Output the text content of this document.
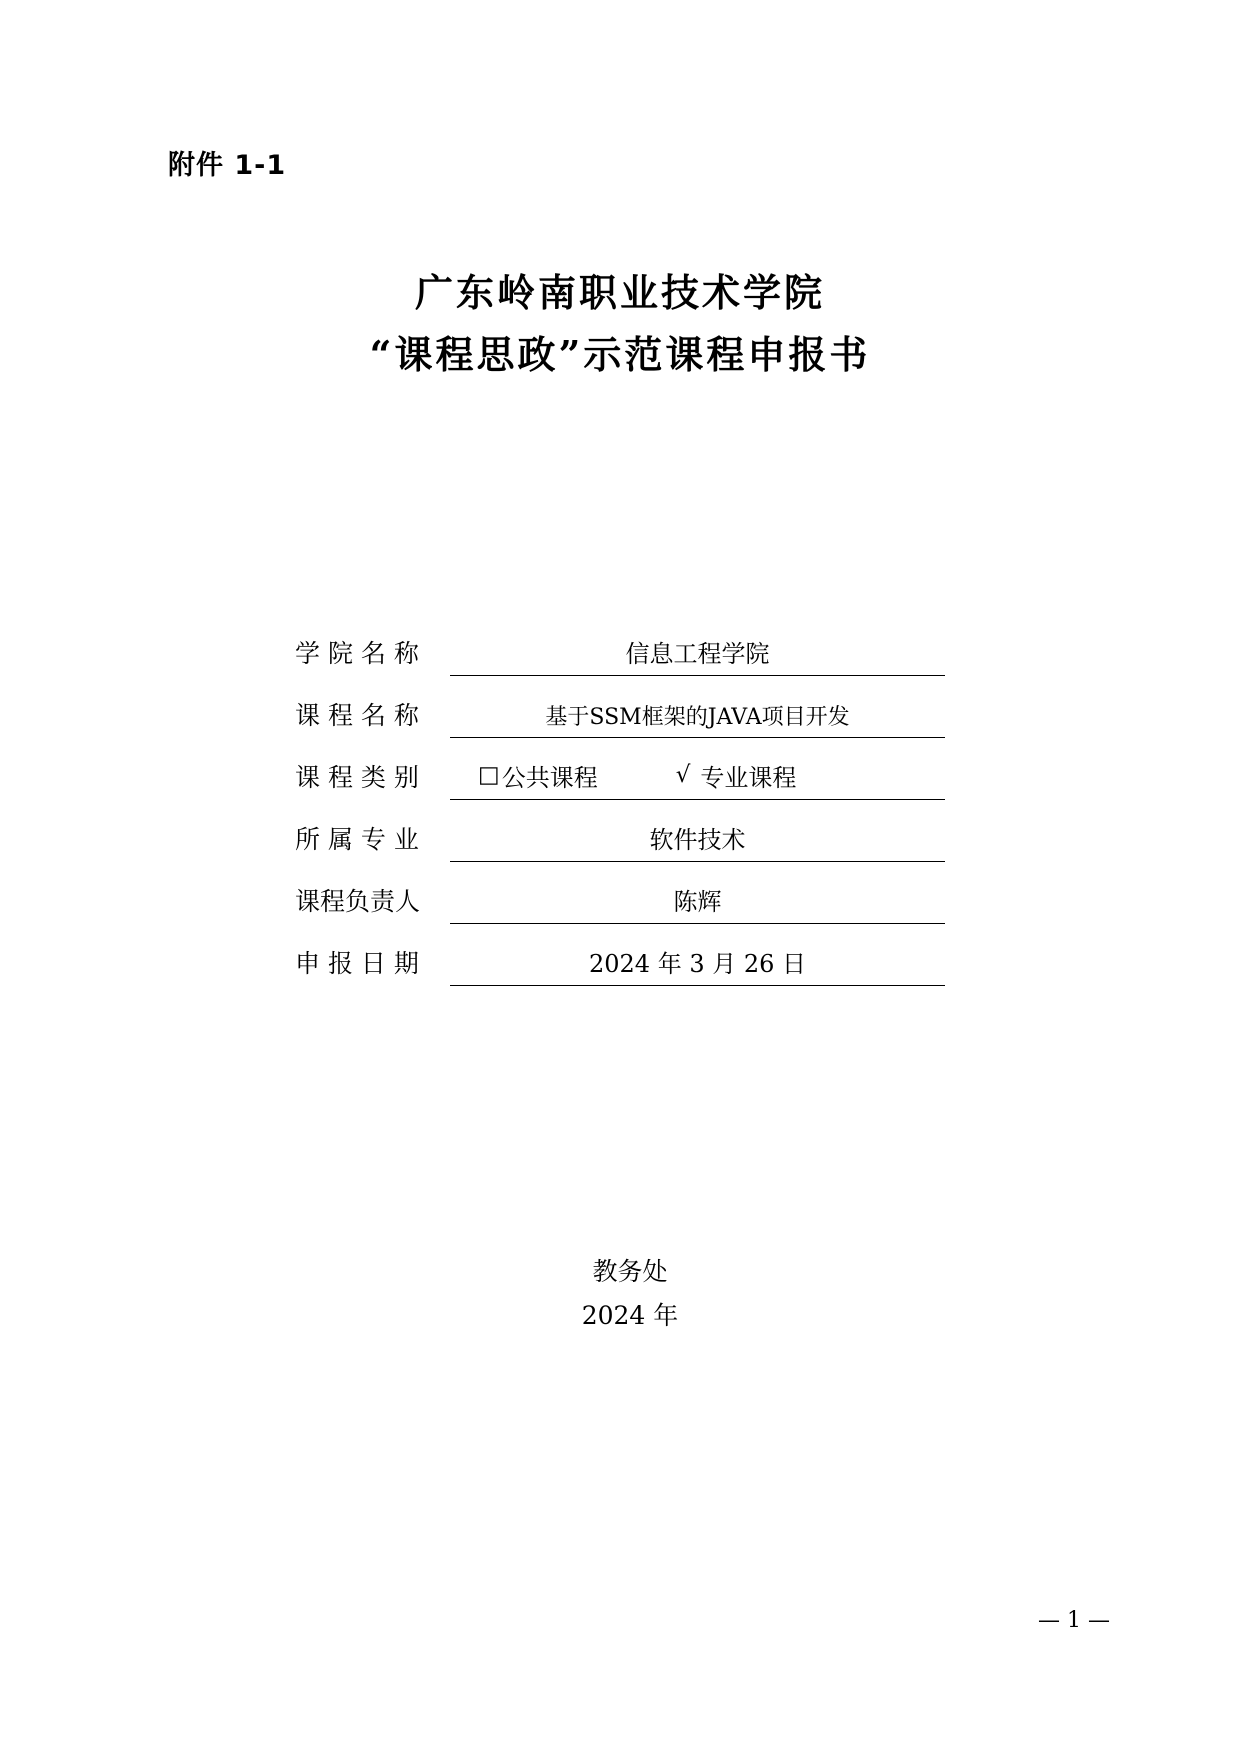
附件 1-1
广东岭南职业技术学院
“课程思政”示范课程申报书
学 院 名 称	信息工程学院
课 程 名 称	基于SSM框架的JAVA项目开发
课 程 类 别	□ 公共课程	√ 专业课程
所 属 专 业	软件技术
课程负责人	陈辉
申 报 日 期	2024 年 3 月 26 日
教务处
2024 年
— 1 —
